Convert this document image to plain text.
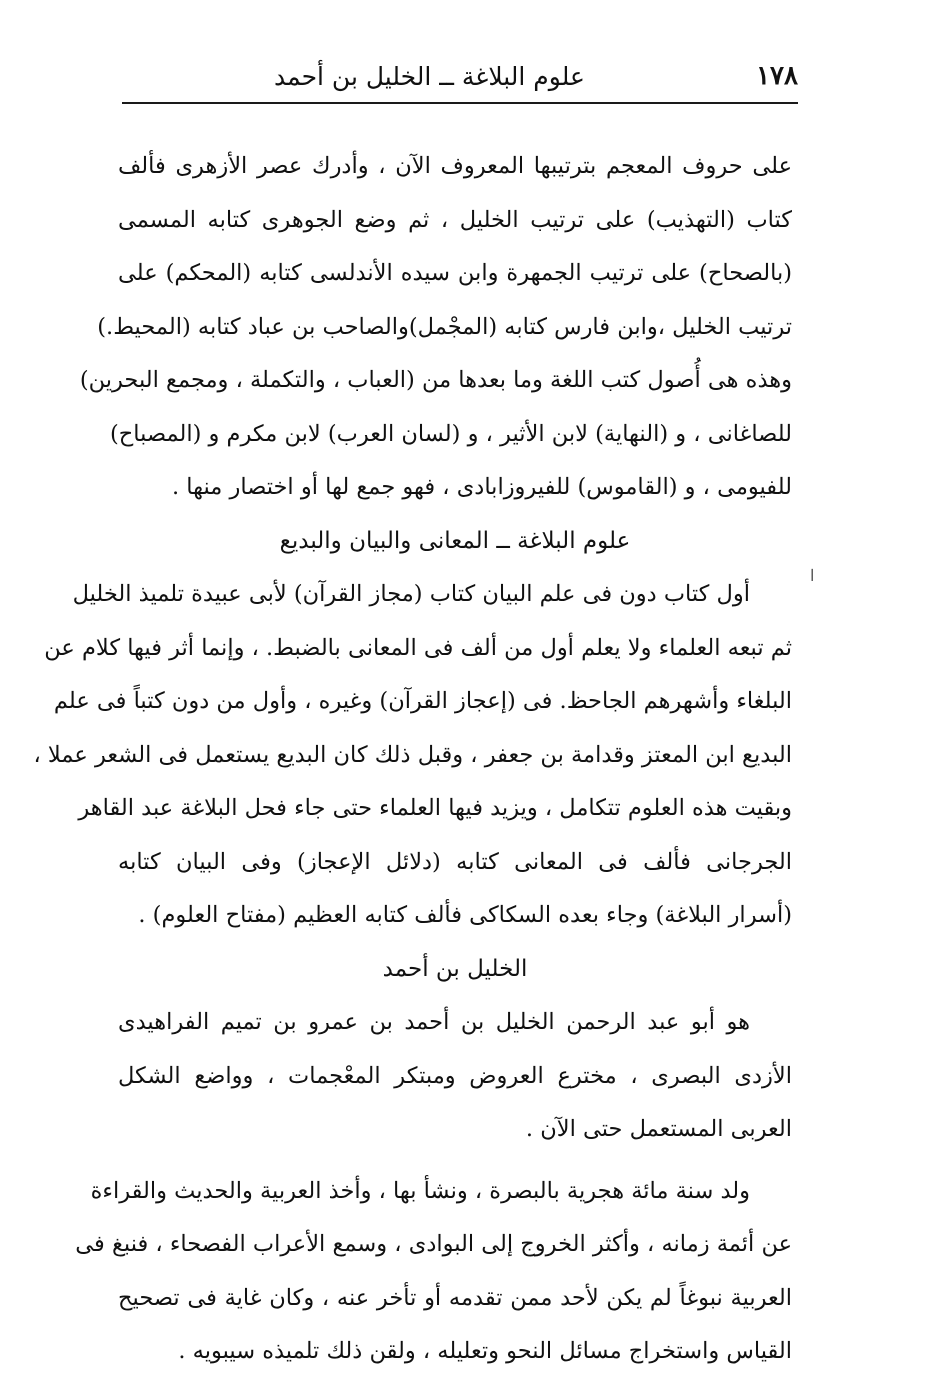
١٧٨
علوم البلاغة ــ الخليل بن أحمد
ا
على حروف المعجم بترتيبها المعروف الآن ، وأدرك عصر الأزهرى فألف
كتاب (التهذيب) على ترتيب الخليل ، ثم وضع الجوهرى كتابه المسمى
(بالصحاح) على ترتيب الجمهرة وابن سيده الأندلسى كتابه (المحكم) على
ترتيب الخليل ،وابن فارس كتابه (المجْمل)والصاحب بن عباد كتابه (المحيط.)
وهذه هى أُصول كتب اللغة وما بعدها من (العباب ، والتكملة ، ومجمع البحرين)
للصاغانى ، و (النهاية) لابن الأثير ، و (لسان العرب) لابن مكرم و (المصباح)
للفيومى ، و (القاموس) للفيروزابادى ، فهو جمع لها أو اختصار منها .
علوم البلاغة ــ المعانى والبيان والبديع
أول كتاب دون فى علم البيان كتاب (مجاز القرآن) لأبى عبيدة تلميذ الخليل
ثم تبعه العلماء ولا يعلم أول من ألف فى المعانى بالضبط. ، وإنما أثر فيها كلام عن
البلغاء وأشهرهم الجاحظ. فى (إعجاز القرآن) وغيره ، وأول من دون كتباً فى علم
البديع ابن المعتز وقدامة بن جعفر ، وقبل ذلك كان البديع يستعمل فى الشعر عملا ،
وبقيت هذه العلوم تتكامل ، ويزيد فيها العلماء حتى جاء فحل البلاغة عبد القاهر
الجرجانى فألف فى المعانى كتابه (دلائل الإعجاز) وفى البيان كتابه
(أسرار البلاغة) وجاء بعده السكاكى فألف كتابه العظيم (مفتاح العلوم) .
الخليل بن أحمد
هو أبو عبد الرحمن الخليل بن أحمد بن عمرو بن تميم الفراهيدى
الأزدى البصرى ، مخترع العروض ومبتكر المعْجمات ، وواضع الشكل
العربى المستعمل حتى الآن .
ولد سنة مائة هجرية بالبصرة ، ونشأ بها ، وأخذ العربية والحديث والقراءة
عن أئمة زمانه ، وأكثر الخروج إلى البوادى ، وسمع الأعراب الفصحاء ، فنبغ فى
العربية نبوغاً لم يكن لأحد ممن تقدمه أو تأخر عنه ، وكان غاية فى تصحيح
القياس واستخراج مسائل النحو وتعليله ، ولقن ذلك تلميذه سيبويه .
